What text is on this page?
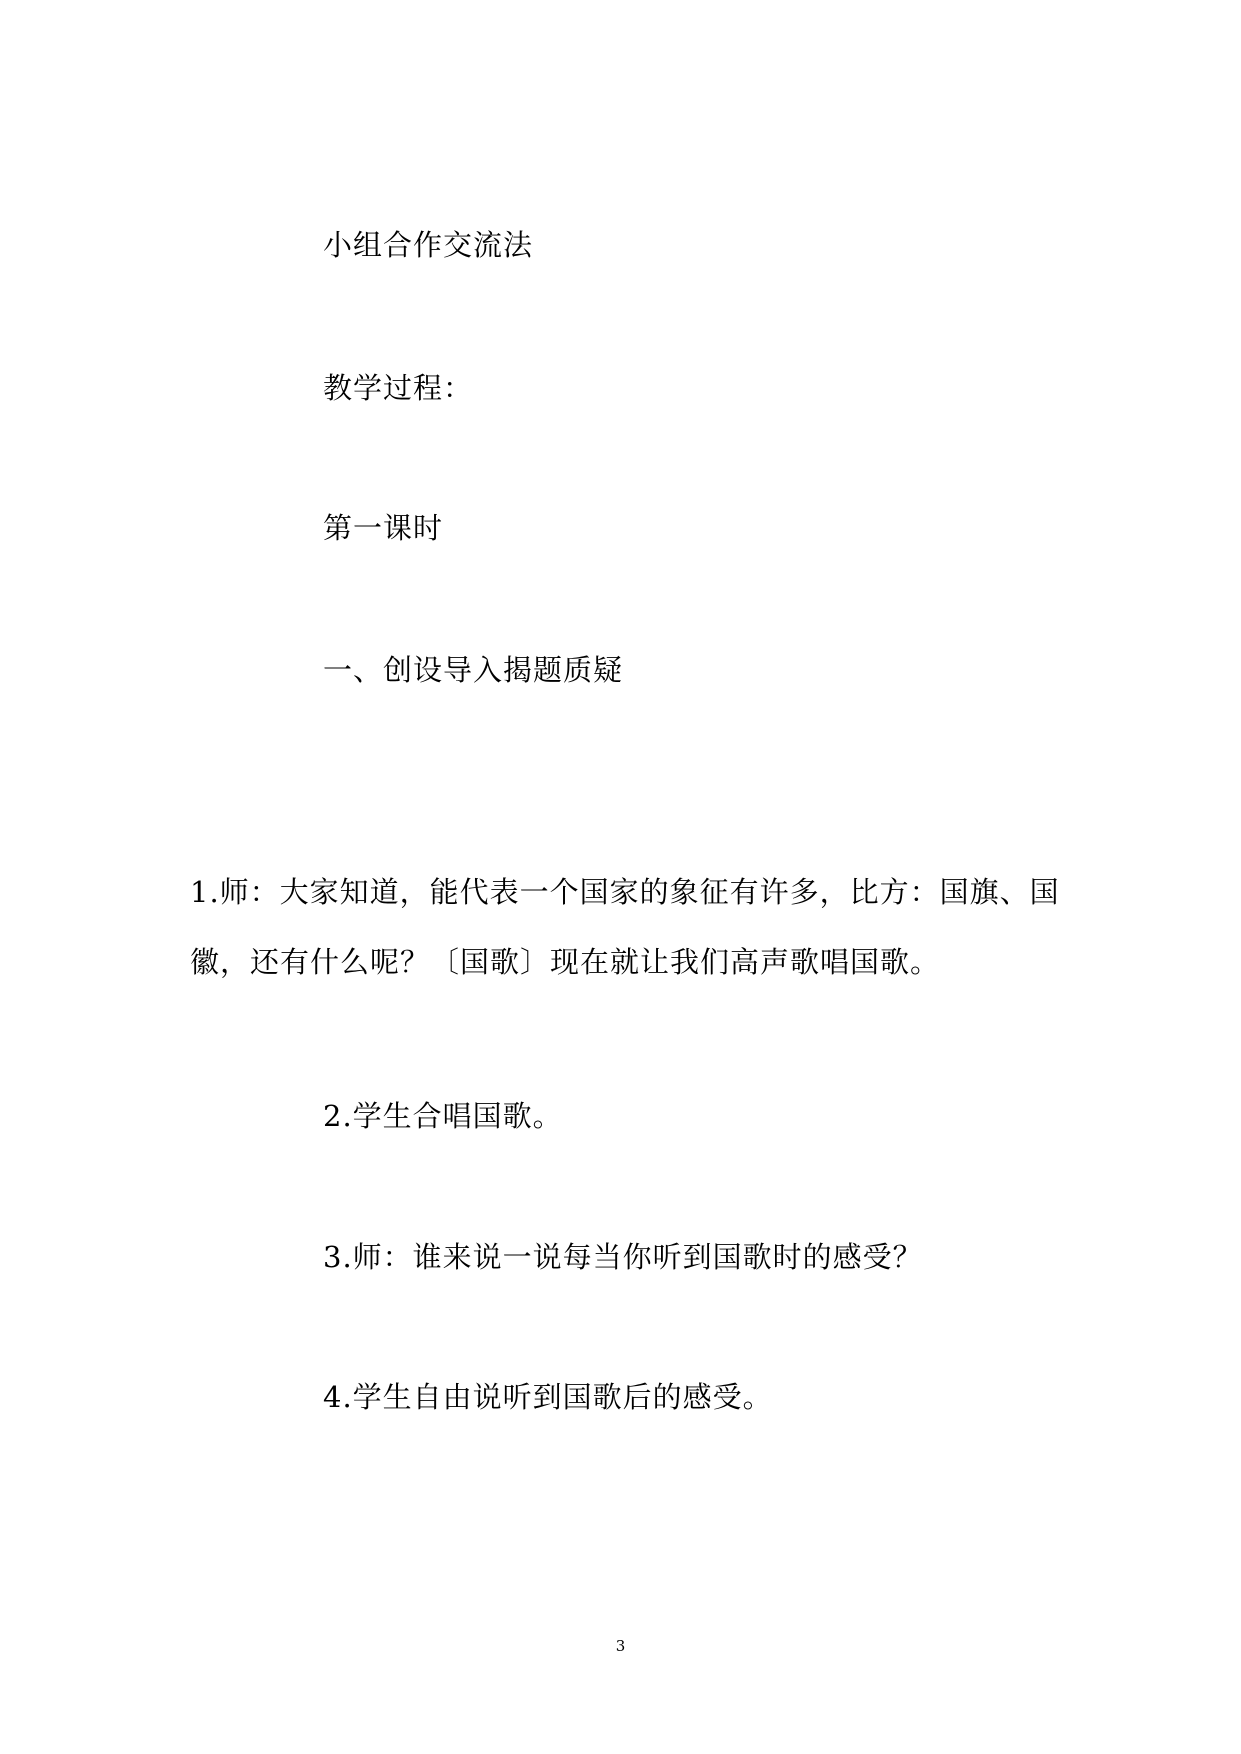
小组合作交流法
教学过程：
第一课时
一、创设导入揭题质疑
1.师：大家知道，能代表一个国家的象征有许多，比方：国旗、国
徽，还有什么呢？〔国歌〕现在就让我们高声歌唱国歌。
2.学生合唱国歌。
3.师：谁来说一说每当你听到国歌时的感受？
4.学生自由说听到国歌后的感受。
3
